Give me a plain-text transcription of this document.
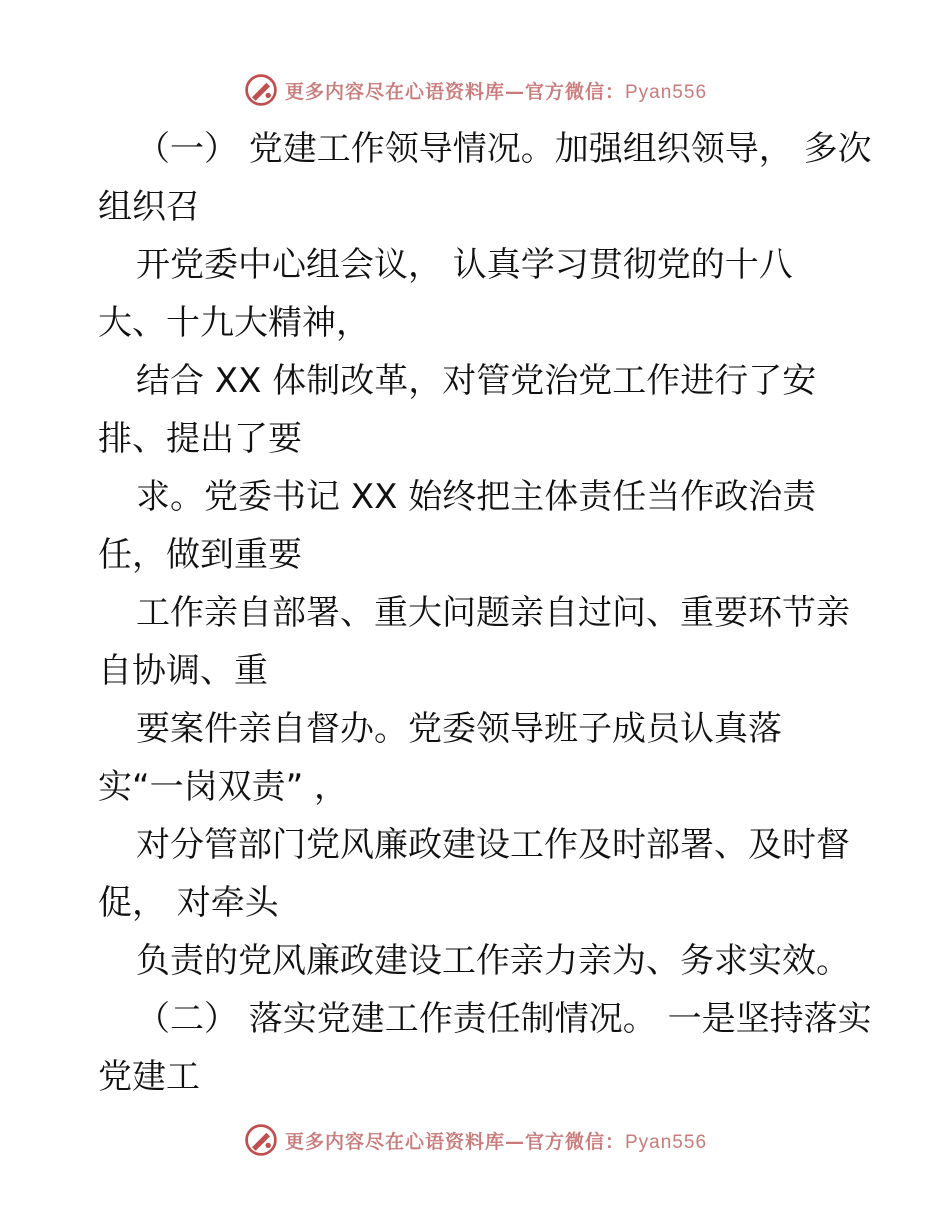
更多内容尽在心语资料库—官方微信：Pyan556
（一） 党建工作领导情况。加强组织领导， 多次
组织召
开党委中心组会议， 认真学习贯彻党的十八
大、十九大精神，
结合 XX 体制改革，对管党治党工作进行了安
排、提出了要
求。党委书记 XX 始终把主体责任当作政治责
任，做到重要
工作亲自部署、重大问题亲自过问、重要环节亲
自协调、重
要案件亲自督办。党委领导班子成员认真落
实“一岗双责” ，
对分管部门党风廉政建设工作及时部署、及时督
促， 对牵头
负责的党风廉政建设工作亲力亲为、务求实效。
（二） 落实党建工作责任制情况。 一是坚持落实
党建工
更多内容尽在心语资料库—官方微信：Pyan556
